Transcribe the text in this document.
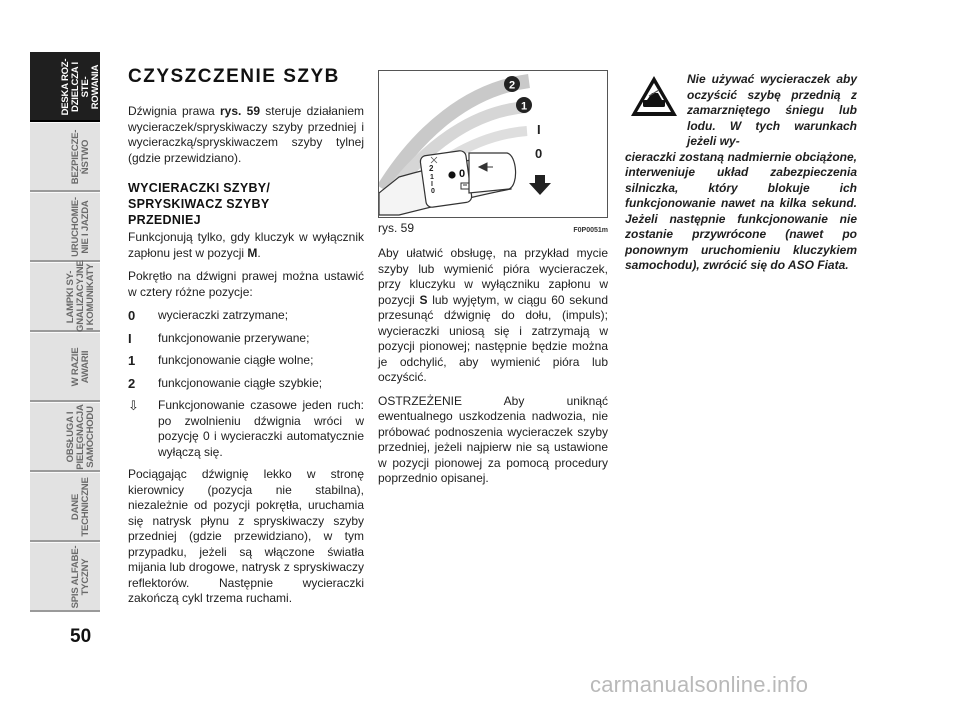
DESKA ROZ-
DZIELCZA I STE-
ROWANIA
BEZPIECZE-
ŃSTWO
URUCHOMIE-
NIE I JAZDA
LAMPKI SY-
GNALIZACYJNE
I KOMUNIKATY
W RAZIE
AWARII
OBSŁUGA I
PIELĘGNACJA
SAMOCHODU
DANE
TECHNICZNE
SPIS ALFABE-
TYCZNY
50
CZYSZCZENIE SZYB

Dźwignia prawa rys. 59 steruje działaniem wycieraczek/spryskiwaczy szyby przedniej i wycieraczką/spryskiwaczem szyby tylnej (gdzie przewidziano).

WYCIERACZKI SZYBY/
SPRYSKIWACZ SZYBY
PRZEDNIEJ

Funkcjonują tylko, gdy kluczyk w wyłącznik zapłonu jest w pozycji M.

Pokrętło na dźwigni prawej można ustawić w cztery różne pozycje:

0	wycieraczki zatrzymane;
I	funkcjonowanie przerywane;
1	funkcjonowanie ciągłe wolne;
2	funkcjonowanie ciągłe szybkie;
⇩	Funkcjonowanie czasowe jeden ruch: po zwolnieniu dźwignia wróci w pozycję 0 i wycieraczki automatycznie wyłączą się.

Pociągając dźwignię lekko w stronę kierownicy (pozycja nie stabilna), niezależnie od pozycji pokrętła, uruchamia się natrysk płynu z spryskiwaczy szyby przedniej (gdzie przewidziano), w tym przypadku, jeżeli są włączone światła mijania lub drogowe, natrysk z spryskiwaczy reflektorów. Następnie wycieraczki zakończą cykl trzema ruchami.

2
1
I
0
0
I
0
2
1
rys. 59	F0P0051m

Aby ułatwić obsługę, na przykład mycie szyby lub wymienić pióra wycieraczek, przy kluczyku w wyłączniku zapłonu w pozycji S lub wyjętym, w ciągu 60 sekund przesunąć dźwignię do dołu, (impuls); wycieraczki uniosą się i zatrzymają w pozycji pionowej; następnie będzie można je odchylić, aby wymienić pióra lub oczyścić.

OSTRZEŻENIE Aby uniknąć ewentualnego uszkodzenia nadwozia, nie próbować podnoszenia wycieraczek szyby przedniej, jeżeli najpierw nie są ustawione w pozycji pionowej za pomocą procedury poprzednio opisanej.

Nie używać wycieraczek aby oczyścić szybę przednią z zamarzniętego śniegu lub lodu. W tych warunkach jeżeli wy-

cieraczki zostaną nadmiernie obciążone, interweniuje układ zabezpieczenia silniczka, który blokuje ich funkcjonowanie nawet na kilka sekund. Jeżeli następnie funkcjonowanie nie zostanie przywrócone (nawet po ponownym uruchomieniu kluczykiem samochodu), zwrócić się do ASO Fiata.

carmanualsonline.info
